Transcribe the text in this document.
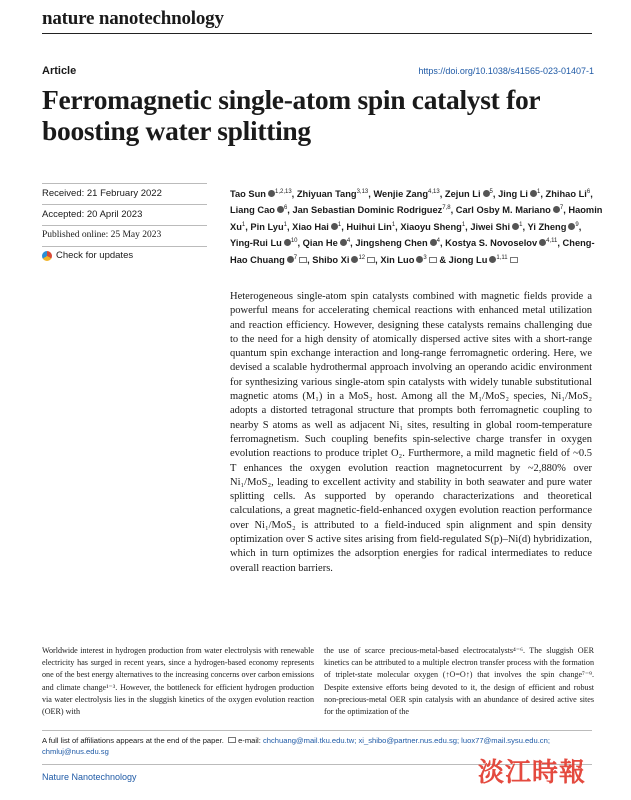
nature nanotechnology
Article	https://doi.org/10.1038/s41565-023-01407-1
Ferromagnetic single-atom spin catalyst for boosting water splitting
Received: 21 February 2022
Accepted: 20 April 2023
Published online: 25 May 2023
Check for updates
Tao Sun $^{1,2,13}$, Zhiyuan Tang$^{3,13}$, Wenjie Zang$^{4,13}$, Zejun Li $^5$, Jing Li $^1$, Zhihao Li$^6$, Liang Cao $^6$, Jan Sebastian Dominic Rodriguez$^{7,8}$, Carl Osby M. Mariano $^7$, Haomin Xu$^1$, Pin Lyu$^1$, Xiao Hai $^1$, Huihui Lin$^1$, Xiaoyu Sheng$^1$, Jiwei Shi $^1$, Yi Zheng $^9$, Ying-Rui Lu $^{10}$, Qian He $^4$, Jingsheng Chen $^4$, Kostya S. Novoselov $^{4,11}$, Cheng-Hao Chuang $^7$ , Shibo Xi $^{12}$ , Xin Luo $^3$ & Jiong Lu $^{1,11}$
Heterogeneous single-atom spin catalysts combined with magnetic fields provide a powerful means for accelerating chemical reactions with enhanced metal utilization and reaction efficiency. However, designing these catalysts remains challenging due to the need for a high density of atomically dispersed active sites with a short-range quantum spin exchange interaction and long-range ferromagnetic ordering. Here, we devised a scalable hydrothermal approach involving an operando acidic environment for synthesizing various single-atom spin catalysts with widely tunable substitutional magnetic atoms (M₁) in a MoS₂ host. Among all the M₁/MoS₂ species, Ni₁/MoS₂ adopts a distorted tetragonal structure that prompts both ferromagnetic coupling to nearby S atoms as well as adjacent Ni₁ sites, resulting in global room-temperature ferromagnetism. Such coupling benefits spin-selective charge transfer in oxygen evolution reactions to produce triplet O₂. Furthermore, a mild magnetic field of ~0.5 T enhances the oxygen evolution reaction magnetocurrent by ~2,880% over Ni₁/MoS₂, leading to excellent activity and stability in both seawater and pure water splitting cells. As supported by operando characterizations and theoretical calculations, a great magnetic-field-enhanced oxygen evolution reaction performance over Ni₁/MoS₂ is attributed to a field-induced spin alignment and spin density optimization over S active sites arising from field-regulated S(p)–Ni(d) hybridization, which in turn optimizes the adsorption energies for radical intermediates to reduce overall reaction barriers.
Worldwide interest in hydrogen production from water electrolysis with renewable electricity has surged in recent years, since a hydrogen-based economy represents one of the best energy alternatives to the increasing concerns over carbon emissions and climate change¹⁻³. However, the bottleneck for efficient hydrogen production via water electrolysis lies in the sluggish kinetics of the oxygen evolution reaction (OER) with
the use of scarce precious-metal-based electrocatalysts⁴⁻⁶. The sluggish OER kinetics can be attributed to a multiple electron transfer process with the formation of triplet-state molecular oxygen (↑O=O↑) that involves the spin change⁷⁻⁹. Despite extensive efforts being devoted to it, the design of efficient and robust non-precious-metal OER spin catalysis with an abundance of desired active sites for the optimization of the
A full list of affiliations appears at the end of the paper. e-mail: chchuang@mail.tku.edu.tw; xi_shibo@partner.nus.edu.sg; luox77@mail.sysu.edu.cn; chmluj@nus.edu.sg
Nature Nanotechnology	淡江時報
